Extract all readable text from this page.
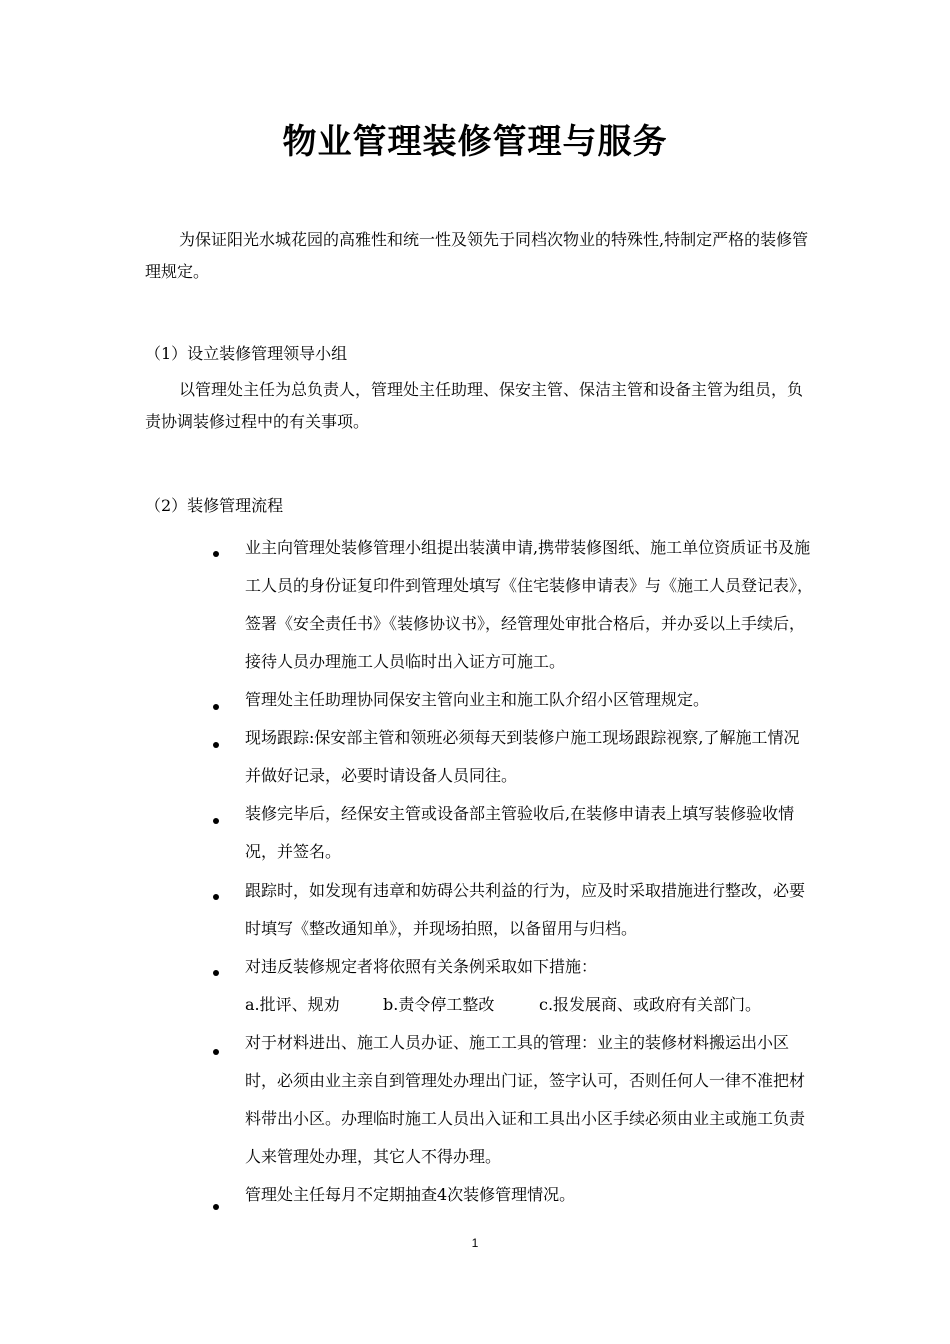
物业管理装修管理与服务

为保证阳光水城花园的高雅性和统一性及领先于同档次物业的特殊性,特制定严格的装修管理规定。

（1）设立装修管理领导小组

以管理处主任为总负责人，管理处主任助理、保安主管、保洁主管和设备主管为组员，负责协调装修过程中的有关事项。

（2）装修管理流程

业主向管理处装修管理小组提出装潢申请,携带装修图纸、施工单位资质证书及施工人员的身份证复印件到管理处填写《住宅装修申请表》与《施工人员登记表》，签署《安全责任书》《装修协议书》，经管理处审批合格后，并办妥以上手续后，接待人员办理施工人员临时出入证方可施工。
管理处主任助理协同保安主管向业主和施工队介绍小区管理规定。
现场跟踪:保安部主管和领班必须每天到装修户施工现场跟踪视察,了解施工情况并做好记录，必要时请设备人员同往。
装修完毕后，经保安主管或设备部主管验收后,在装修申请表上填写装修验收情况，并签名。
跟踪时，如发现有违章和妨碍公共利益的行为，应及时采取措施进行整改，必要时填写《整改通知单》，并现场拍照，以备留用与归档。
对违反装修规定者将依照有关条例采取如下措施：
a.批评、规劝	b.责令停工整改	c.报发展商、或政府有关部门。
对于材料进出、施工人员办证、施工工具的管理：业主的装修材料搬运出小区时，必须由业主亲自到管理处办理出门证，签字认可，否则任何人一律不准把材料带出小区。办理临时施工人员出入证和工具出小区手续必须由业主或施工负责人来管理处办理，其它人不得办理。
管理处主任每月不定期抽查4次装修管理情况。
1
